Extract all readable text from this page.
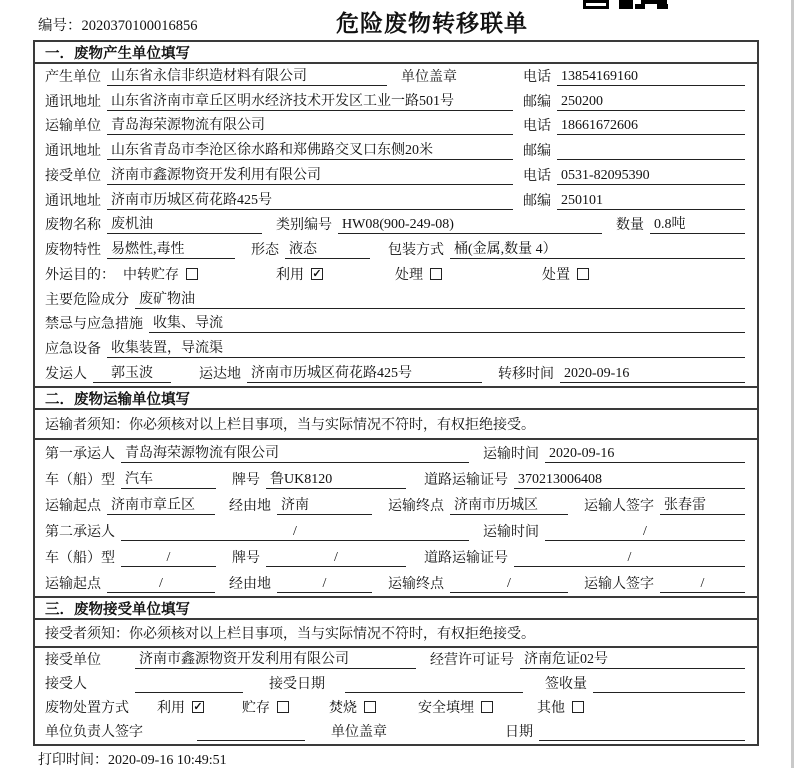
编号：2020370100016856	危险废物转移联单
一．废物产生单位填写
产生单位 山东省永信非织造材料有限公司	单位盖章	电话 13854169160
通讯地址 山东省济南市章丘区明水经济技术开发区工业一路501号	邮编 250200
运输单位 青岛海荣源物流有限公司	电话 18661672606
通讯地址 山东省青岛市李沧区徐水路和郑佛路交叉口东侧20米	邮编
接受单位 济南市鑫源物资开发利用有限公司	电话 0531-82095390
通讯地址 济南市历城区荷花路425号	邮编 250101
废物名称 废机油	类别编号 HW08(900-249-08)	数量 0.8吨
废物特性 易燃性,毒性	形态 液态	包装方式 桶(金属,数量 4）
外运目的： 中转贮存	利用 ✓	处理	处置
主要危险成分 废矿物油
禁忌与应急措施 收集、导流
应急设备 收集装置，导流渠
发运人	郭玉波	运达地 济南市历城区荷花路425号	转移时间 2020-09-16
二．废物运输单位填写
运输者须知：你必须核对以上栏目事项，当与实际情况不符时，有权拒绝接受。
第一承运人 青岛海荣源物流有限公司	运输时间 2020-09-16
车（船）型 汽车	牌号 鲁UK8120	道路运输证号 370213006408
运输起点 济南市章丘区	经由地 济南	运输终点 济南市历城区	运输人签字 张春雷
第二承运人	/	运输时间	/
车（船）型	/	牌号	/	道路运输证号	/
运输起点	/	经由地	/	运输终点	/	运输人签字	/
三．废物接受单位填写
接受者须知：你必须核对以上栏目事项，当与实际情况不符时，有权拒绝接受。
接受单位	济南市鑫源物资开发利用有限公司	经营许可证号 济南危证02号
接受人	接受日期	签收量
废物处置方式 利用 ✓	贮存	焚烧	安全填埋	其他
单位负责人签字	单位盖章	日期
打印时间：2020-09-16 10:49:51
